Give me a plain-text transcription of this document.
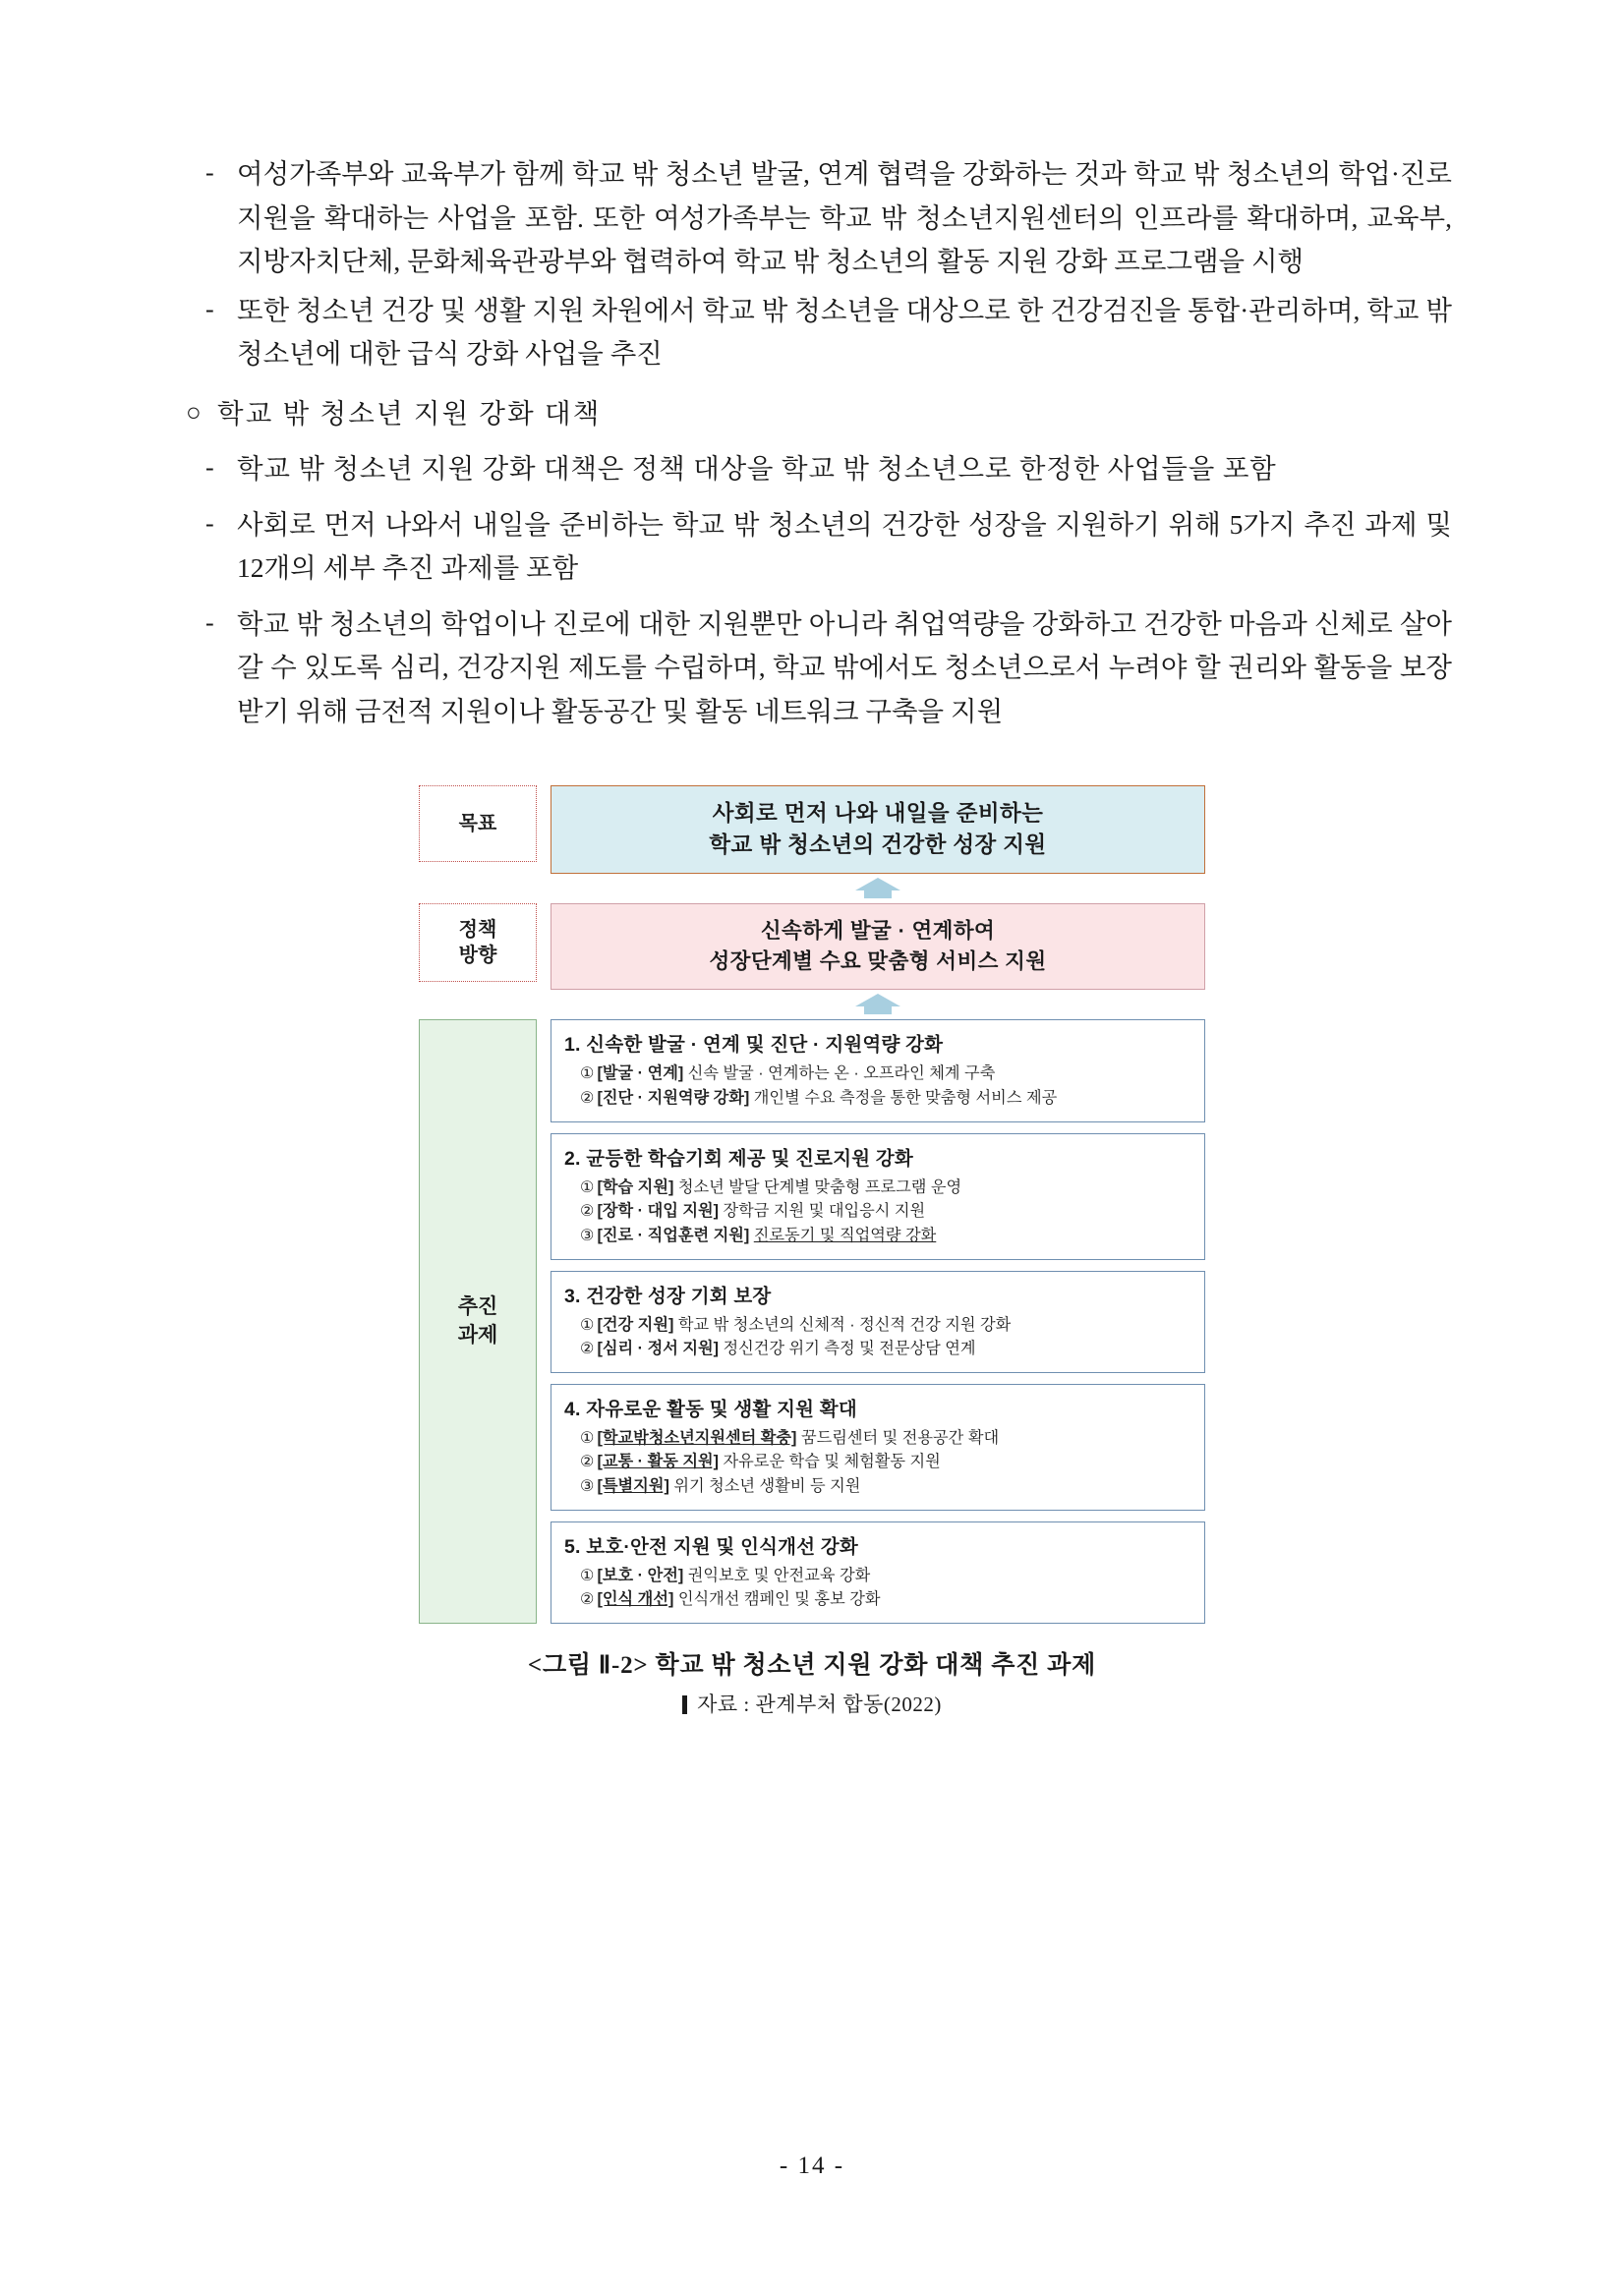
- 여성가족부와 교육부가 함께 학교 밖 청소년 발굴, 연계 협력을 강화하는 것과 학교 밖 청소년의 학업·진로지원을 확대하는 사업을 포함. 또한 여성가족부는 학교 밖 청소년지원센터의 인프라를 확대하며, 교육부, 지방자치단체, 문화체육관광부와 협력하여 학교 밖 청소년의 활동 지원 강화 프로그램을 시행
- 또한 청소년 건강 및 생활 지원 차원에서 학교 밖 청소년을 대상으로 한 건강검진을 통합·관리하며, 학교 밖 청소년에 대한 급식 강화 사업을 추진
○ 학교 밖 청소년 지원 강화 대책
- 학교 밖 청소년 지원 강화 대책은 정책 대상을 학교 밖 청소년으로 한정한 사업들을 포함
- 사회로 먼저 나와서 내일을 준비하는 학교 밖 청소년의 건강한 성장을 지원하기 위해 5가지 추진 과제 및 12개의 세부 추진 과제를 포함
- 학교 밖 청소년의 학업이나 진로에 대한 지원뿐만 아니라 취업역량을 강화하고 건강한 마음과 신체로 살아갈 수 있도록 심리, 건강지원 제도를 수립하며, 학교 밖에서도 청소년으로서 누려야 할 권리와 활동을 보장받기 위해 금전적 지원이나 활동공간 및 활동 네트워크 구축을 지원
목표	사회로 먼저 나와 내일을 준비하는
학교 밖 청소년의 건강한 성장 지원
정책
방향
신속하게 발굴 · 연계하여
성장단계별 수요 맞춤형 서비스 지원
추진
과제
1. 신속한 발굴 · 연계 및 진단 · 지원역량 강화
① [발굴 · 연계] 신속 발굴 · 연계하는 온 · 오프라인 체계 구축
② [진단 · 지원역량 강화] 개인별 수요 측정을 통한 맞춤형 서비스 제공
2. 균등한 학습기회 제공 및 진로지원 강화
① [학습 지원] 청소년 발달 단계별 맞춤형 프로그램 운영
② [장학 · 대입 지원] 장학금 지원 및 대입응시 지원
③ [진로 · 직업훈련 지원] 진로동기 및 직업역량 강화
3. 건강한 성장 기회 보장
① [건강 지원] 학교 밖 청소년의 신체적 · 정신적 건강 지원 강화
② [심리 · 정서 지원] 정신건강 위기 측정 및 전문상담 연계
4. 자유로운 활동 및 생활 지원 확대
① [학교밖청소년지원센터 확충] 꿈드림센터 및 전용공간 확대
② [교통 · 활동 지원] 자유로운 학습 및 체험활동 지원
③ [특별지원] 위기 청소년 생활비 등 지원
5. 보호·안전 지원 및 인식개선 강화
① [보호 · 안전] 권익보호 및 안전교육 강화
② [인식 개선] 인식개선 캠페인 및 홍보 강화
<그림 Ⅱ-2> 학교 밖 청소년 지원 강화 대책 추진 과제
자료 : 관계부처 합동(2022)
- 14 -
